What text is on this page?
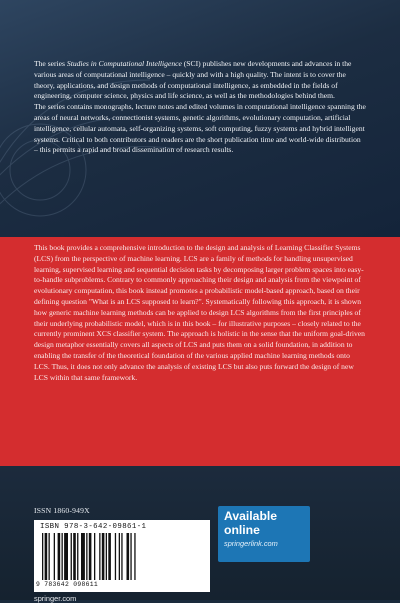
The series Studies in Computational Intelligence (SCI) publishes new developments and advances in the various areas of computational intelligence – quickly and with a high quality. The intent is to cover the theory, applications, and design methods of computational intelligence, as embedded in the fields of engineering, computer science, physics and life science, as well as the methodologies behind them.

The series contains monographs, lecture notes and edited volumes in computational intelligence spanning the areas of neural networks, connectionist systems, genetic algorithms, evolutionary computation, artificial intelligence, cellular automata, self-organizing systems, soft computing, fuzzy systems and hybrid intelligent systems. Critical to both contributors and readers are the short publication time and world-wide distribution – this permits a rapid and broad dissemination of research results.

This book provides a comprehensive introduction to the design and analysis of Learning Classifier Systems (LCS) from the perspective of machine learning. LCS are a family of methods for handling unsupervised learning, supervised learning and sequential decision tasks by decomposing larger problem spaces into easy-to-handle subproblems. Contrary to commonly approaching their design and analysis from the viewpoint of evolutionary computation, this book instead promotes a probabilistic model-based approach, based on their defining question "What is an LCS supposed to learn?". Systematically following this approach, it is shown how generic machine learning methods can be applied to design LCS algorithms from the first principles of their underlying probabilistic model, which is in this book – for illustrative purposes – closely related to the currently prominent XCS classifier system. The approach is holistic in the sense that the uniform goal-driven design metaphor essentially covers all aspects of LCS and puts them on a solid foundation, in addition to enabling the transfer of the theoretical foundation of the various applied machine learning methods onto LCS. Thus, it does not only advance the analysis of existing LCS but also puts forward the design of new LCS within that same framework.

ISSN 1860-949X
ISBN 978-3-642-09861-1
9 783642 098611
Available
online
springerlink.com
springer.com
